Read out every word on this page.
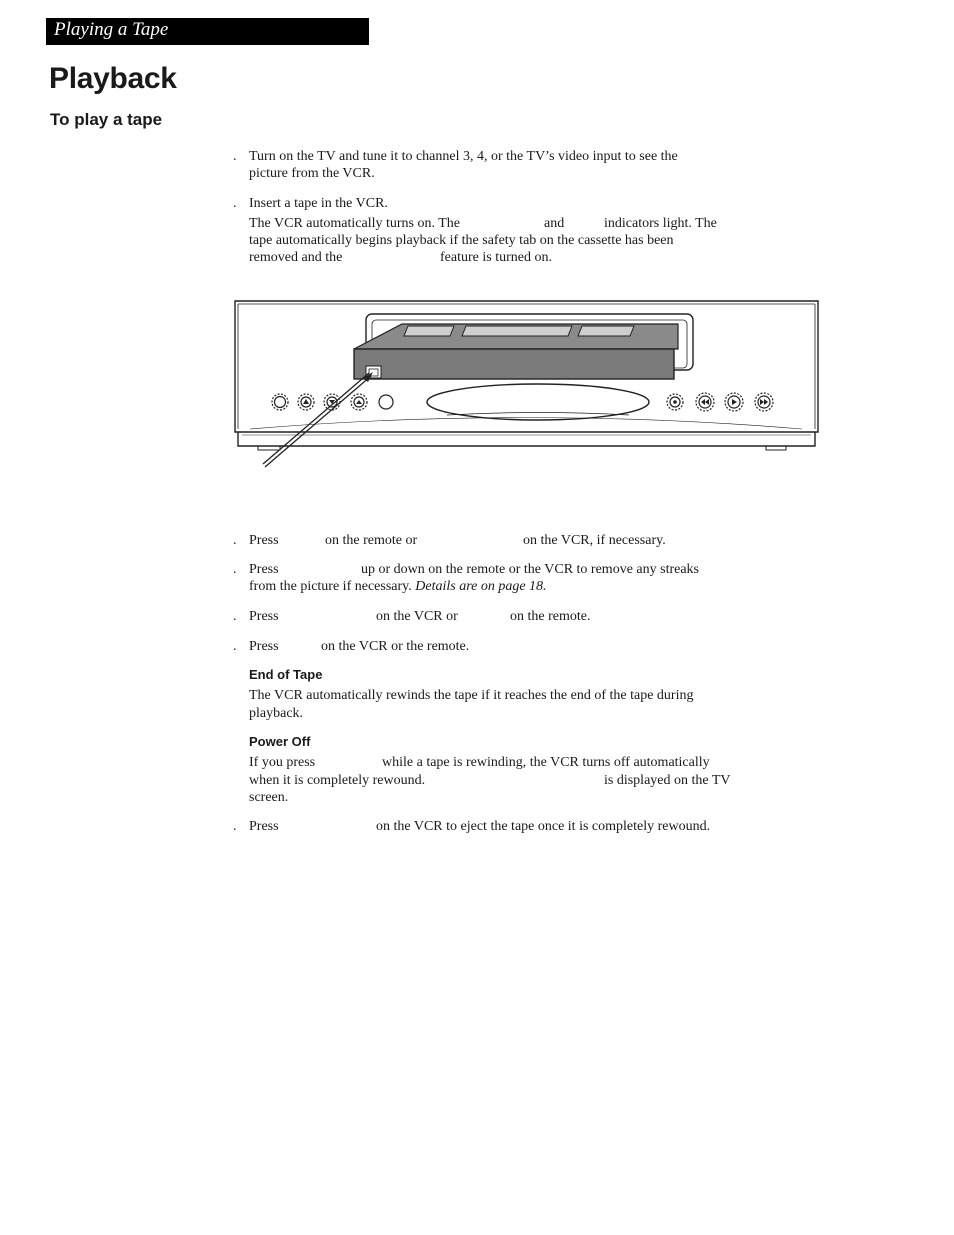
Playing a Tape
Playback
To play a tape
. Turn on the TV and tune it to channel 3, 4, or the TV’s video input to see the
picture from the VCR.
. Insert a tape in the VCR.
The VCR automatically turns on. The	and	indicators light. The
tape automatically begins playback if the safety tab on the cassette has been
removed and the	feature is turned on.
. Press	on the remote or	on the VCR, if necessary.
. Press	up or down on the remote or the VCR to remove any streaks
from the picture if necessary. Details are on page 18.
. Press	on the VCR or	on the remote.
. Press	on the VCR or the remote.
End of Tape
The VCR automatically rewinds the tape if it reaches the end of the tape during
playback.
Power Off
If you press	while a tape is rewinding, the VCR turns off automatically
when it is completely rewound.	is displayed on the TV
screen.
. Press	on the VCR to eject the tape once it is completely rewound.
